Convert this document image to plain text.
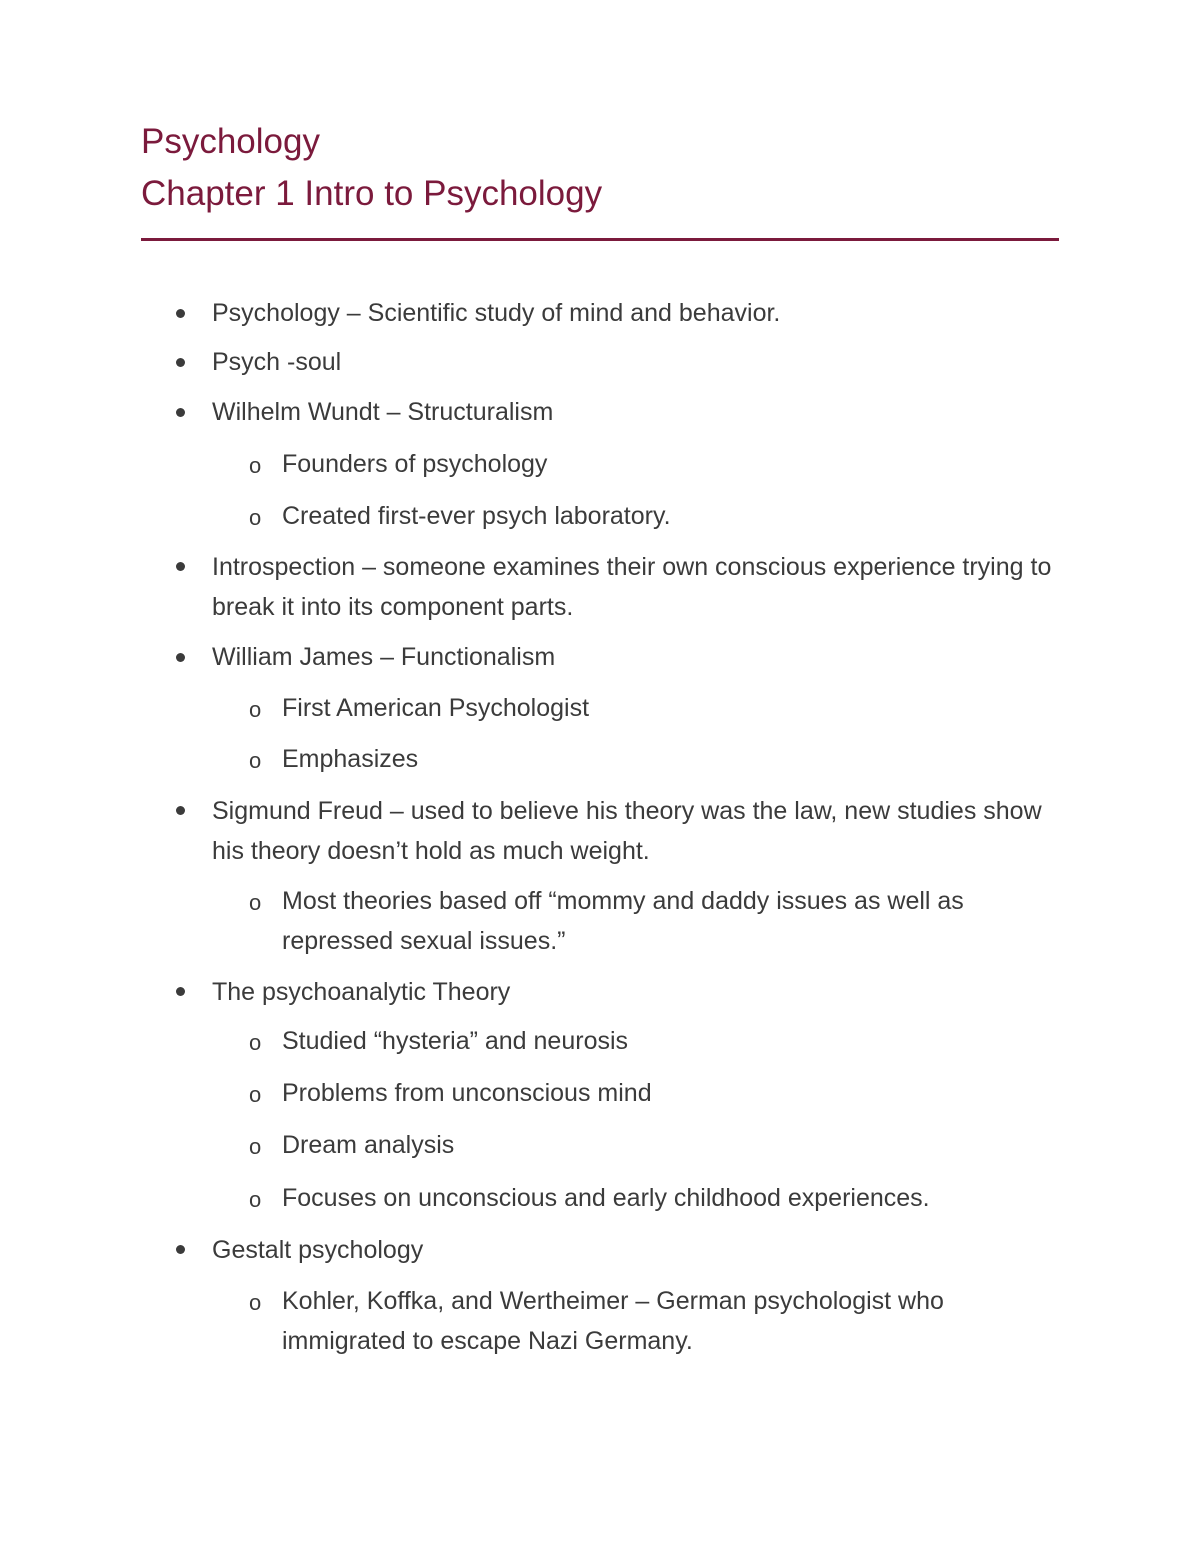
Psychology
Chapter 1 Intro to Psychology
Psychology – Scientific study of mind and behavior.
Psych -soul
Wilhelm Wundt – Structuralism
o Founders of psychology
o Created first-ever psych laboratory.
Introspection – someone examines their own conscious experience trying to break it into its component parts.
William James – Functionalism
o First American Psychologist
o Emphasizes
Sigmund Freud – used to believe his theory was the law, new studies show his theory doesn’t hold as much weight.
o Most theories based off “mommy and daddy issues as well as repressed sexual issues.”
The psychoanalytic Theory
o Studied “hysteria” and neurosis
o Problems from unconscious mind
o Dream analysis
o Focuses on unconscious and early childhood experiences.
Gestalt psychology
o Kohler, Koffka, and Wertheimer – German psychologist who immigrated to escape Nazi Germany.
